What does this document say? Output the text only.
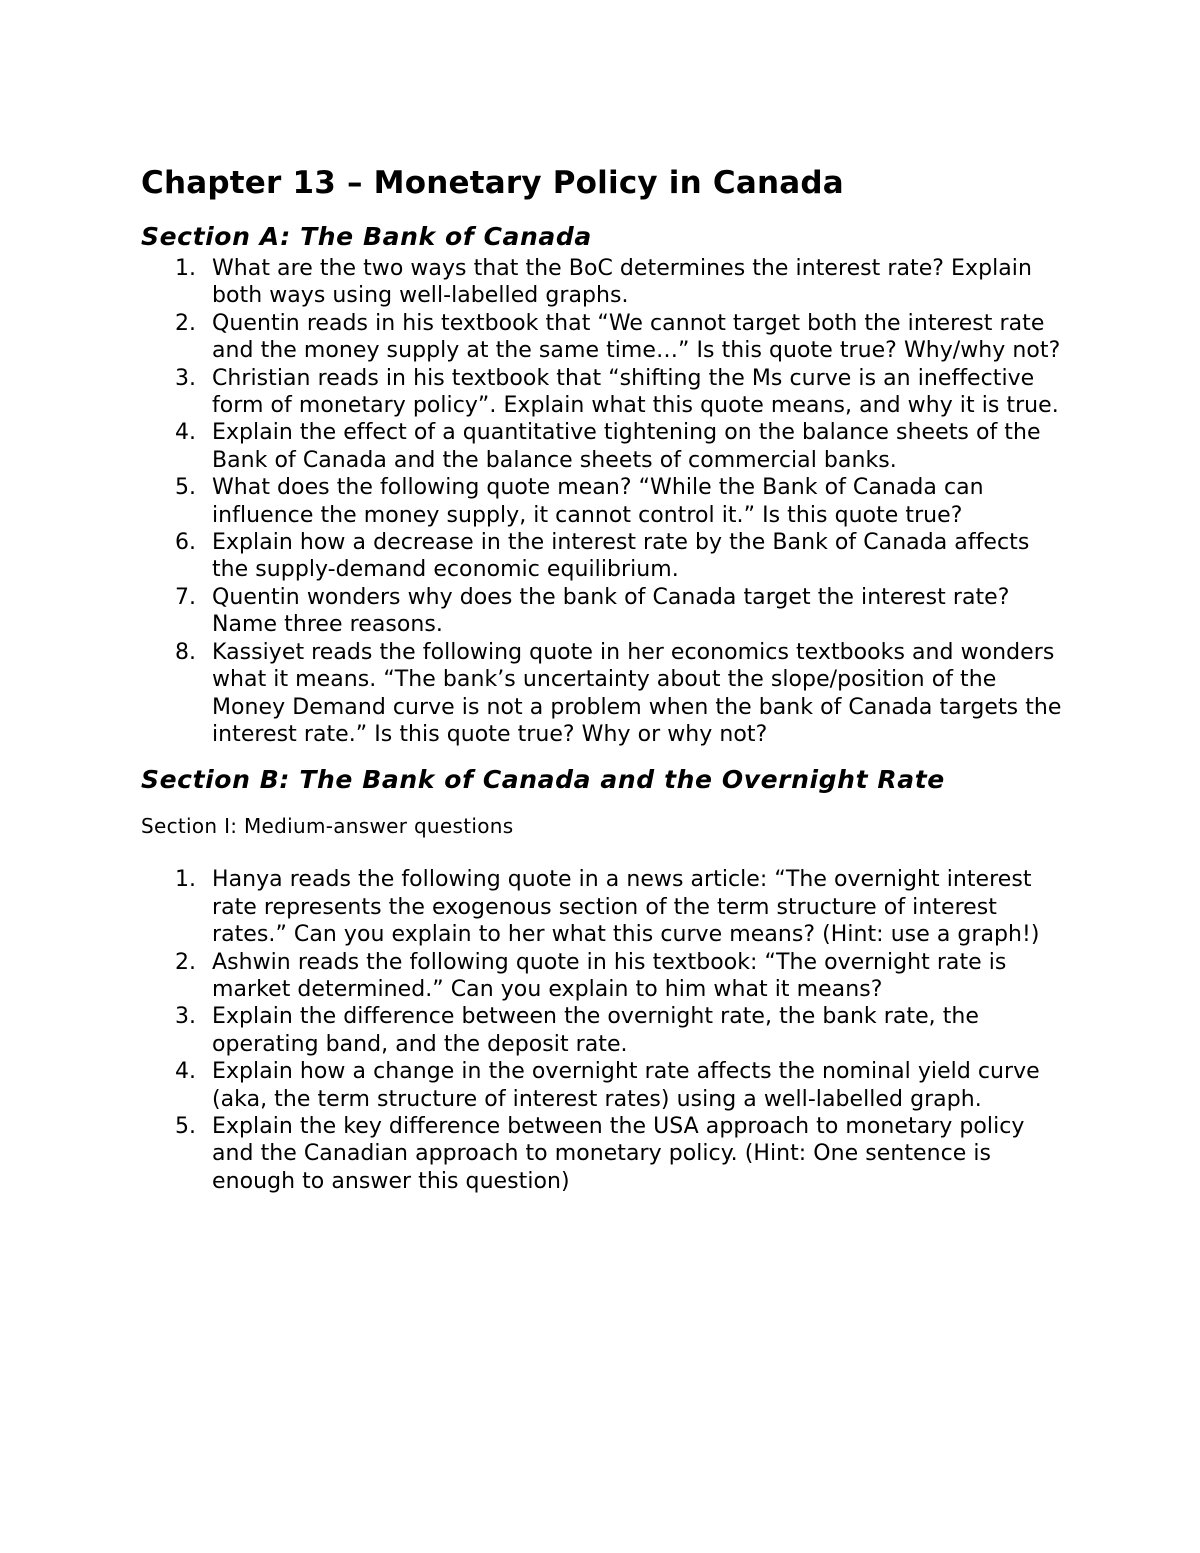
Chapter 13 – Monetary Policy in Canada
Section A: The Bank of Canada
1. What are the two ways that the BoC determines the interest rate? Explain both ways using well-labelled graphs.
2. Quentin reads in his textbook that “We cannot target both the interest rate and the money supply at the same time…” Is this quote true? Why/why not?
3. Christian reads in his textbook that “shifting the Ms curve is an ineffective form of monetary policy”. Explain what this quote means, and why it is true.
4. Explain the effect of a quantitative tightening on the balance sheets of the Bank of Canada and the balance sheets of commercial banks.
5. What does the following quote mean? “While the Bank of Canada can influence the money supply, it cannot control it.” Is this quote true?
6. Explain how a decrease in the interest rate by the Bank of Canada affects the supply-demand economic equilibrium.
7. Quentin wonders why does the bank of Canada target the interest rate? Name three reasons.
8. Kassiyet reads the following quote in her economics textbooks and wonders what it means. “The bank’s uncertainty about the slope/position of the Money Demand curve is not a problem when the bank of Canada targets the interest rate.” Is this quote true? Why or why not?
Section B: The Bank of Canada and the Overnight Rate
Section I: Medium-answer questions
1. Hanya reads the following quote in a news article: “The overnight interest rate represents the exogenous section of the term structure of interest rates.” Can you explain to her what this curve means? (Hint: use a graph!)
2. Ashwin reads the following quote in his textbook: “The overnight rate is market determined.” Can you explain to him what it means?
3. Explain the difference between the overnight rate, the bank rate, the operating band, and the deposit rate.
4. Explain how a change in the overnight rate affects the nominal yield curve (aka, the term structure of interest rates) using a well-labelled graph.
5. Explain the key difference between the USA approach to monetary policy and the Canadian approach to monetary policy. (Hint: One sentence is enough to answer this question)
